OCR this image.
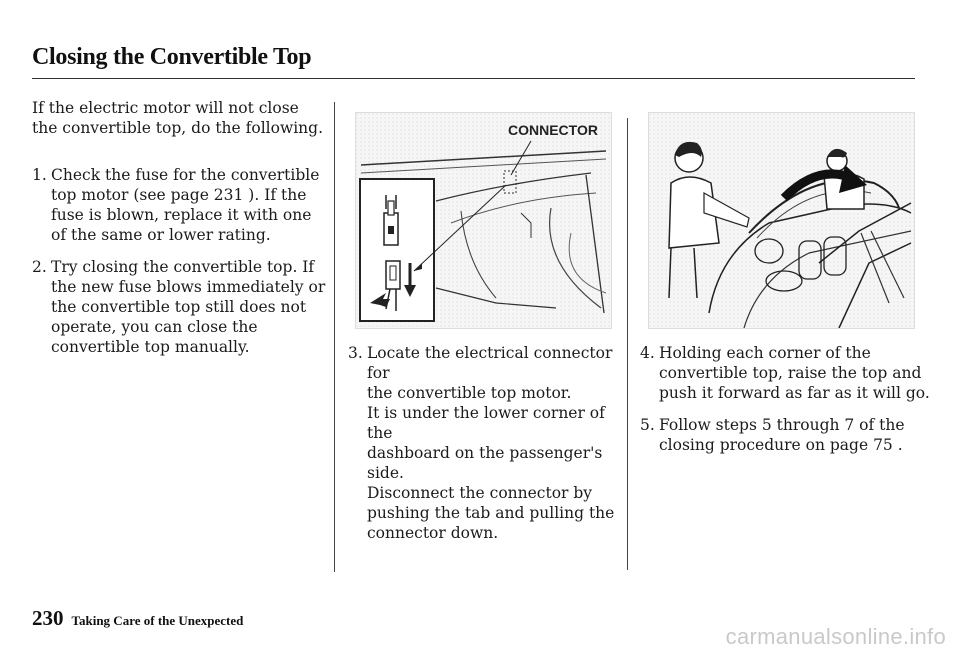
Closing the Convertible Top
If the electric motor will not close
the convertible top, do the following.
1. Check the fuse for the convertible
top motor (see page 231 ). If the
fuse is blown, replace it with one
of the same or lower rating.
2. Try closing the convertible top. If
the new fuse blows immediately or
the convertible top still does not
operate, you can close the
convertible top manually.
CONNECTOR
3. Locate the electrical connector for
the convertible top motor.
It is under the lower corner of the
dashboard on the passenger's side.
Disconnect the connector by
pushing the tab and pulling the
connector down.
4. Holding each corner of the
convertible top, raise the top and
push it forward as far as it will go.
5. Follow steps 5 through 7 of the
closing procedure on page 75 .
230 Taking Care of the Unexpected
carmanualsonline.info
